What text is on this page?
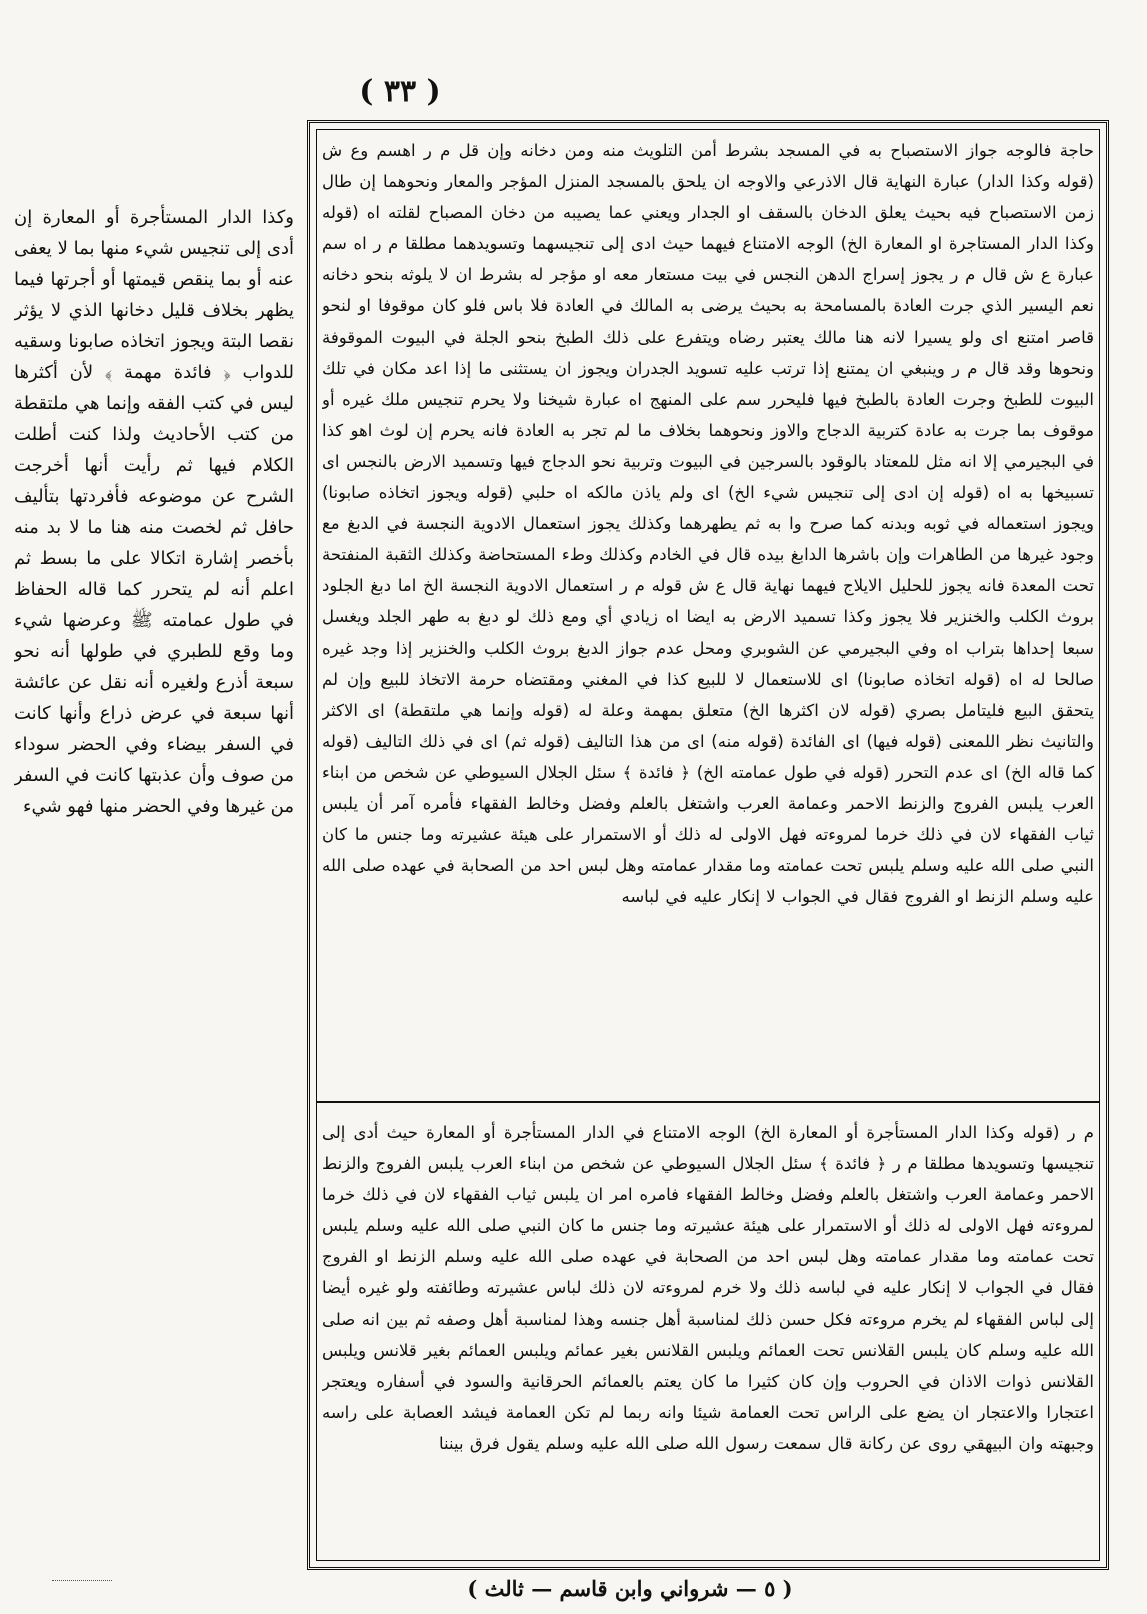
( ٣٣ )
حاجة فالوجه جواز الاستصباح به في المسجد بشرط أمن التلويث منه ومن دخانه وإن قل م ر اهسم وع ش (قوله وكذا الدار) عبارة النهاية قال الاذرعي والاوجه ان يلحق بالمسجد المنزل المؤجر والمعار ونحوهما إن طال زمن الاستصباح فيه بحيث يعلق الدخان بالسقف او الجدار ويعني عما يصيبه من دخان المصباح لقلته اه (قوله وكذا الدار المستاجرة او المعارة الخ) الوجه الامتناع فيهما حيث ادى إلى تنجيسهما وتسويدهما مطلقا م ر اه سم عبارة ع ش قال م ر يجوز إسراج الدهن النجس في بيت مستعار معه او مؤجر له بشرط ان لا يلوثه بنحو دخانه نعم اليسير الذي جرت العادة بالمسامحة به بحيث يرضى به المالك في العادة فلا باس فلو كان موقوفا او لنحو قاصر امتنع اى ولو يسيرا لانه هنا مالك يعتبر رضاه ويتفرع على ذلك الطبخ بنحو الجلة في البيوت الموقوفة ونحوها وقد قال م ر وينبغي ان يمتنع إذا ترتب عليه تسويد الجدران ويجوز ان يستثنى ما إذا اعد مكان في تلك البيوت للطبخ وجرت العادة بالطبخ فيها فليحرر سم على المنهج اه عبارة شيخنا ولا يحرم تنجيس ملك غيره أو موقوف بما جرت به عادة كتربية الدجاج والاوز ونحوهما بخلاف ما لم تجر به العادة فانه يحرم إن لوث اهو كذا في البجيرمي إلا انه مثل للمعتاد بالوقود بالسرجين في البيوت وتربية نحو الدجاج فيها وتسميد الارض بالنجس اى تسبيخها به اه (قوله إن ادى إلى تنجيس شيء الخ) اى ولم ياذن مالكه اه حلبي (قوله ويجوز اتخاذه صابونا) ويجوز استعماله في ثوبه وبدنه كما صرح وا به ثم يطهرهما وكذلك يجوز استعمال الادوية النجسة في الدبغ مع وجود غيرها من الطاهرات وإن باشرها الدابغ بيده قال في الخادم وكذلك وطء المستحاضة وكذلك الثقبة المنفتحة تحت المعدة فانه يجوز للحليل الايلاج فيهما نهاية قال ع ش قوله م ر استعمال الادوية النجسة الخ اما دبغ الجلود بروث الكلب والخنزير فلا يجوز وكذا تسميد الارض به ايضا اه زيادي أي ومع ذلك لو دبغ به طهر الجلد ويغسل سبعا إحداها بتراب اه وفي البجيرمي عن الشوبري ومحل عدم جواز الدبغ بروث الكلب والخنزير إذا وجد غيره صالحا له اه (قوله اتخاذه صابونا) اى للاستعمال لا للبيع كذا في المغني ومقتضاه حرمة الاتخاذ للبيع وإن لم يتحقق البيع فليتامل بصري (قوله لان اكثرها الخ) متعلق بمهمة وعلة له (قوله وإنما هي ملتقطة) اى الاكثر والتانيث نظر اللمعنى (قوله فيها) اى الفائدة (قوله منه) اى من هذا التاليف (قوله ثم) اى في ذلك التاليف (قوله كما قاله الخ) اى عدم التحرر (قوله في طول عمامته الخ) ﴿ فائدة ﴾ سئل الجلال السيوطي عن شخص من ابناء العرب يلبس الفروج والزنط الاحمر وعمامة العرب واشتغل بالعلم وفضل وخالط الفقهاء فأمره آمر أن يلبس ثياب الفقهاء لان في ذلك خرما لمروءته فهل الاولى له ذلك أو الاستمرار على هيئة عشيرته وما جنس ما كان النبي صلى الله عليه وسلم يلبس تحت عمامته وما مقدار عمامته وهل لبس احد من الصحابة في عهده صلى الله عليه وسلم الزنط او الفروج فقال في الجواب لا إنكار عليه في لباسه
م ر (قوله وكذا الدار المستأجرة أو المعارة الخ) الوجه الامتناع في الدار المستأجرة أو المعارة حيث أدى إلى تنجيسها وتسويدها مطلقا م ر ﴿ فائدة ﴾ سئل الجلال السيوطي عن شخص من ابناء العرب يلبس الفروج والزنط الاحمر وعمامة العرب واشتغل بالعلم وفضل وخالط الفقهاء فامره امر ان يلبس ثياب الفقهاء لان في ذلك خرما لمروءته فهل الاولى له ذلك أو الاستمرار على هيئة عشيرته وما جنس ما كان النبي صلى الله عليه وسلم يلبس تحت عمامته وما مقدار عمامته وهل لبس احد من الصحابة في عهده صلى الله عليه وسلم الزنط او الفروج فقال في الجواب لا إنكار عليه في لباسه ذلك ولا خرم لمروءته لان ذلك لباس عشيرته وطائفته ولو غيره أيضا إلى لباس الفقهاء لم يخرم مروءته فكل حسن ذلك لمناسبة أهل جنسه وهذا لمناسبة أهل وصفه ثم بين انه صلى الله عليه وسلم كان يلبس القلانس تحت العمائم ويلبس القلانس بغير عمائم ويلبس العمائم بغير قلانس ويلبس القلانس ذوات الاذان في الحروب وإن كان كثيرا ما كان يعتم بالعمائم الحرقانية والسود في أسفاره ويعتجر اعتجارا والاعتجار ان يضع على الراس تحت العمامة شيئا وانه ربما لم تكن العمامة فيشد العصابة على راسه وجبهته وان البيهقي روى عن ركانة قال سمعت رسول الله صلى الله عليه وسلم يقول فرق بيننا
وكذا الدار المستأجرة أو المعارة إن أدى إلى تنجيس شيء منها بما لا يعفى عنه أو بما ينقص قيمتها أو أجرتها فيما يظهر بخلاف قليل دخانها الذي لا يؤثر نقصا البتة ويجوز اتخاذه صابونا وسقيه للدواب ﴿ فائدة مهمة ﴾ لأن أكثرها ليس في كتب الفقه وإنما هي ملتقطة من كتب الأحاديث ولذا كنت أطلت الكلام فيها ثم رأيت أنها أخرجت الشرح عن موضوعه فأفردتها بتأليف حافل ثم لخصت منه هنا ما لا بد منه بأخصر إشارة اتكالا على ما بسط ثم اعلم أنه لم يتحرر كما قاله الحفاظ في طول عمامته ﷺ وعرضها شيء وما وقع للطبري في طولها أنه نحو سبعة أذرع ولغيره أنه نقل عن عائشة أنها سبعة في عرض ذراع وأنها كانت في السفر بيضاء وفي الحضر سوداء من صوف وأن عذبتها كانت في السفر من غيرها وفي الحضر منها فهو شيء
( ٥ — شرواني وابن قاسم — ثالث )
